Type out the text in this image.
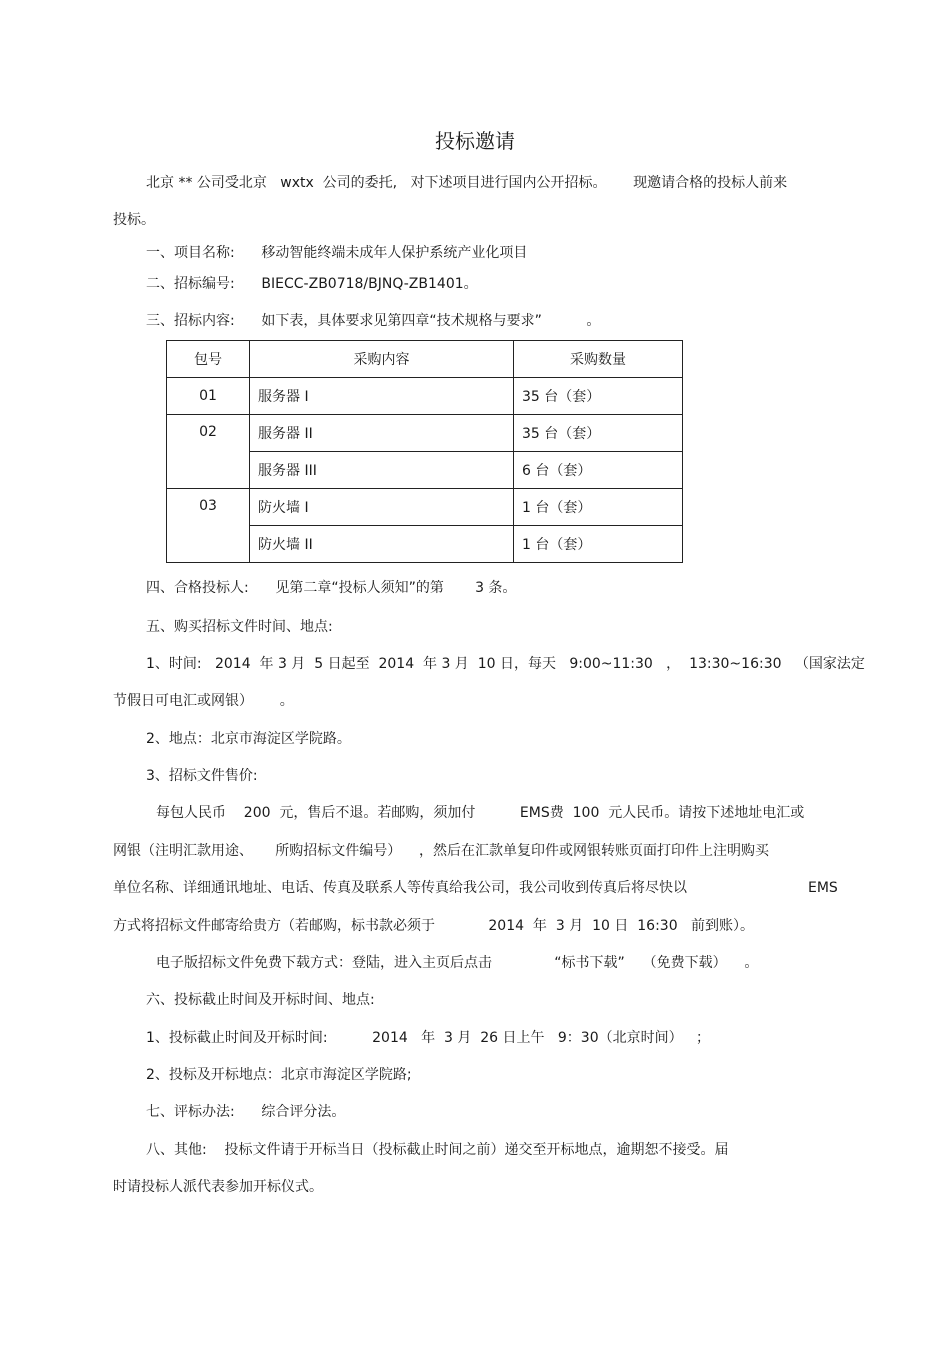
投标邀请
北京 ** 公司受北京   wxtx  公司的委托,   对下述项目进行国内公开招标。      现邀请合格的投标人前来
投标。
一、项目名称:      移动智能终端未成年人保护系统产业化项目
二、招标编号:      BIECC-ZB0718/BJNQ-ZB1401。
三、招标内容:      如下表，具体要求见第四章“技术规格与要求”          。
包号	采购内容	采购数量
01	服务器 I	35 台（套）
02	服务器 II	35 台（套）
	服务器 III	6 台（套）
03	防火墙 I	1 台（套）
	防火墙 II	1 台（套）
四、合格投标人:      见第二章“投标人须知”的第       3 条。
五、购买招标文件时间、地点:
1、时间:   2014  年 3 月  5 日起至  2014  年 3 月  10 日，每天   9:00~11:30   ，  13:30~16:30   （国家法定
节假日可电汇或网银）      。
2、地点：北京市海淀区学院路。
3、招标文件售价:
每包人民币    200  元，售后不退。若邮购，须加付          EMS费  100  元人民币。请按下述地址电汇或
网银（注明汇款用途、     所购招标文件编号）    ，然后在汇款单复印件或网银转账页面打印件上注明购买
单位名称、详细通讯地址、电话、传真及联系人等传真给我公司，我公司收到传真后将尽快以	EMS
方式将招标文件邮寄给贵方（若邮购，标书款必须于            2014  年  3 月  10 日  16:30   前到账）。
电子版招标文件免费下载方式：登陆，进入主页后点击              “标书下载”    （免费下载）    。
六、投标截止时间及开标时间、地点:
1、投标截止时间及开标时间:          2014   年  3 月  26 日上午   9：30（北京时间）   ；
2、投标及开标地点：北京市海淀区学院路;
七、评标办法:      综合评分法。
八、其他:    投标文件请于开标当日（投标截止时间之前）递交至开标地点，逾期恕不接受。届
时请投标人派代表参加开标仪式。
